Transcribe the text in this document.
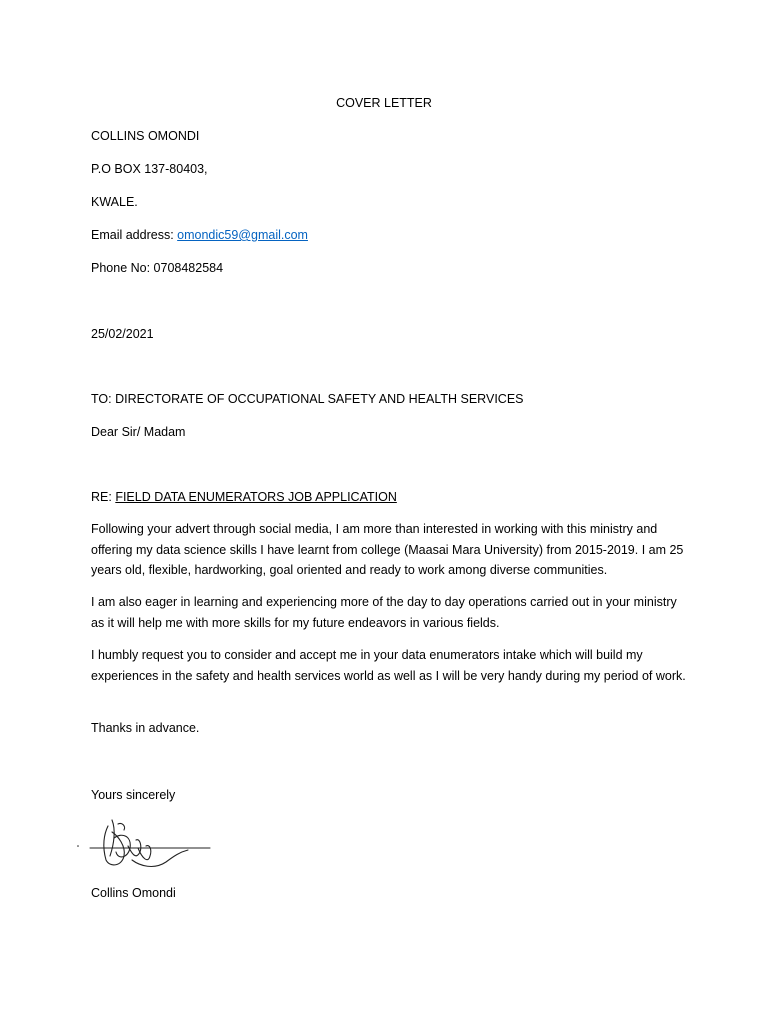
COVER LETTER
COLLINS OMONDI
P.O BOX 137-80403,
KWALE.
Email address: omondic59@gmail.com
Phone No: 0708482584
25/02/2021
TO: DIRECTORATE OF OCCUPATIONAL SAFETY AND HEALTH SERVICES
Dear Sir/ Madam
RE: FIELD DATA ENUMERATORS JOB APPLICATION
Following your advert through social media, I am more than interested in working with this ministry and offering my data science skills I have learnt from college (Maasai Mara University) from 2015-2019. I am 25 years old, flexible, hardworking, goal oriented and ready to work among diverse communities.
I am also eager in learning and experiencing more of the day to day operations carried out in your ministry as it will help me with more skills for my future endeavors in various fields.
I humbly request you to consider and accept me in your data enumerators intake which will build my experiences in the safety and health services world as well as I will be very handy during my period of work.
Thanks in advance.
Yours sincerely
Collins Omondi
